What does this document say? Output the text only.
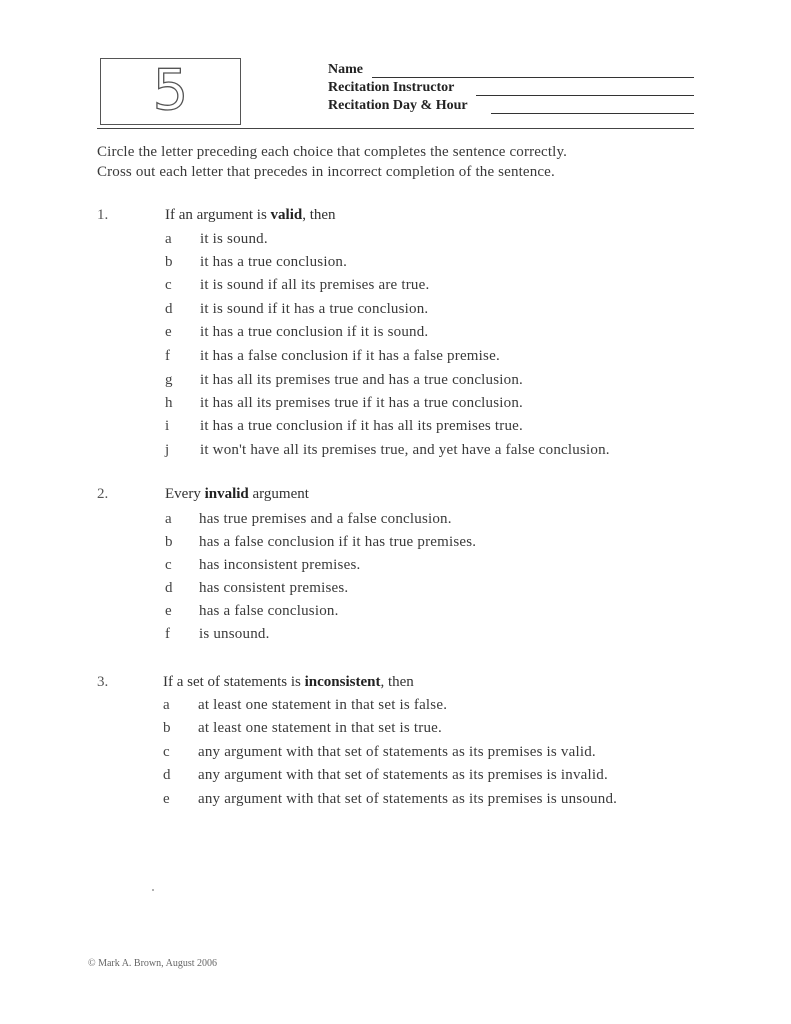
5	Name
Recitation Instructor
Recitation Day & Hour
Circle the letter preceding each choice that completes the sentence correctly.
Cross out each letter that precedes in incorrect completion of the sentence.
1.	If an argument is valid, then
a it is sound.
b it has a true conclusion.
c it is sound if all its premises are true.
d it is sound if it has a true conclusion.
e it has a true conclusion if it is sound.
f it has a false conclusion if it has a false premise.
g it has all its premises true and has a true conclusion.
h it has all its premises true if it has a true conclusion.
i it has a true conclusion if it has all its premises true.
j it won't have all its premises true, and yet have a false conclusion.
2.	Every invalid argument
a has true premises and a false conclusion.
b has a false conclusion if it has true premises.
c has inconsistent premises.
d has consistent premises.
e has a false conclusion.
f is unsound.
3.	If a set of statements is inconsistent, then
a at least one statement in that set is false.
b at least one statement in that set is true.
c any argument with that set of statements as its premises is valid.
d any argument with that set of statements as its premises is invalid.
e any argument with that set of statements as its premises is unsound.
© Mark A. Brown, August 2006
